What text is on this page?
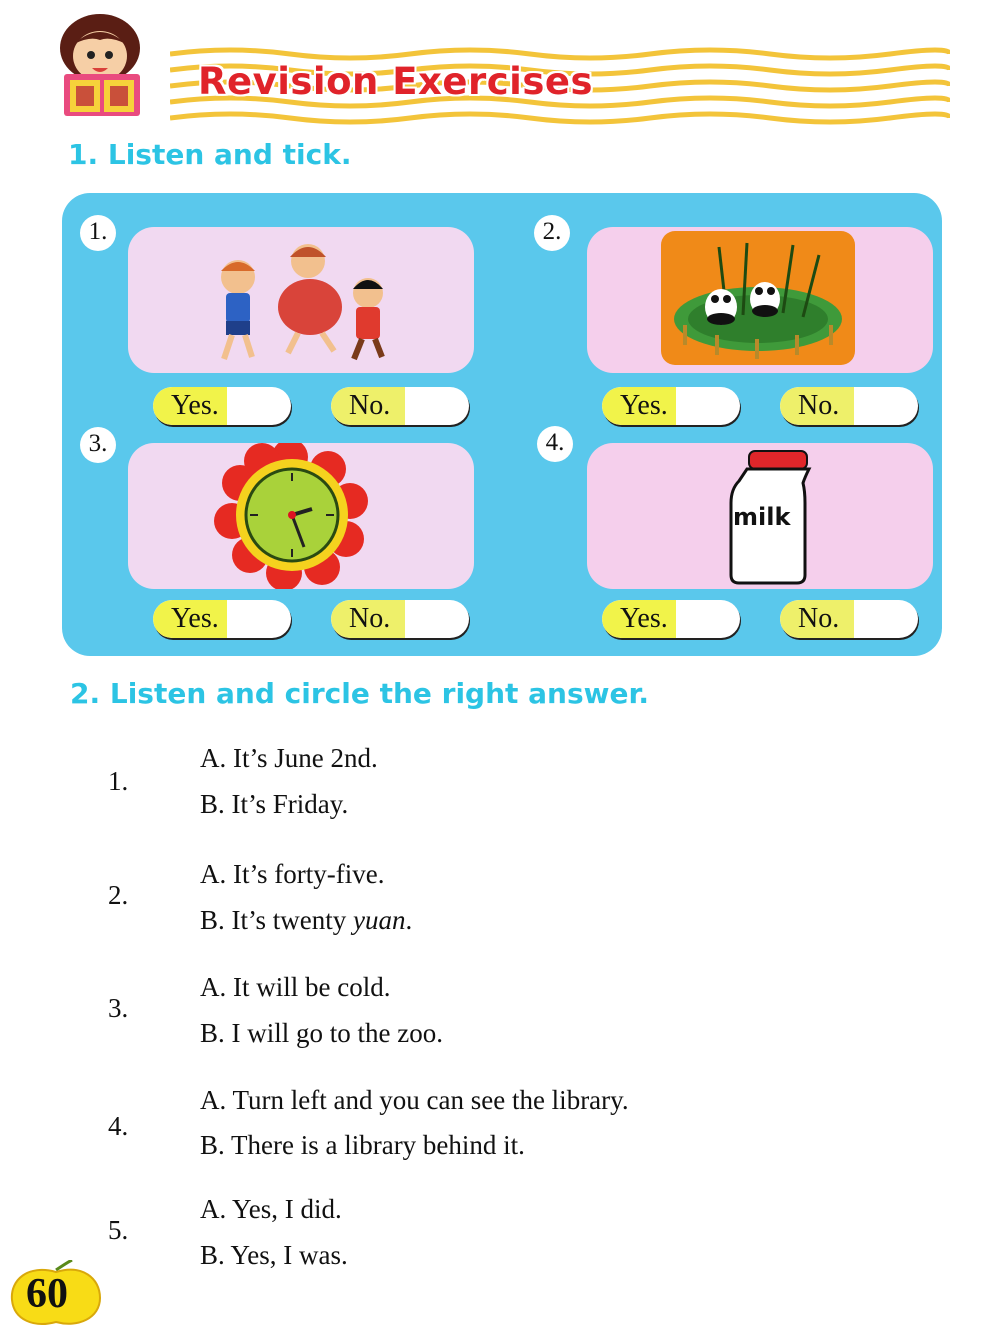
Revision Exercises
1. Listen and tick.
1.
Yes.	No.
2.
Yes.	No.
3.
Yes.	No.
4.
milk
Yes.	No.
2. Listen and circle the right answer.
1.
A. It’s June 2nd.
B. It’s Friday.
2.
A. It’s forty-five.
B. It’s twenty yuan.
3.
A. It will be cold.
B. I will go to the zoo.
4.
A. Turn left and you can see the library.
B. There is a library behind it.
5.
A. Yes, I did.
B. Yes, I was.
60
